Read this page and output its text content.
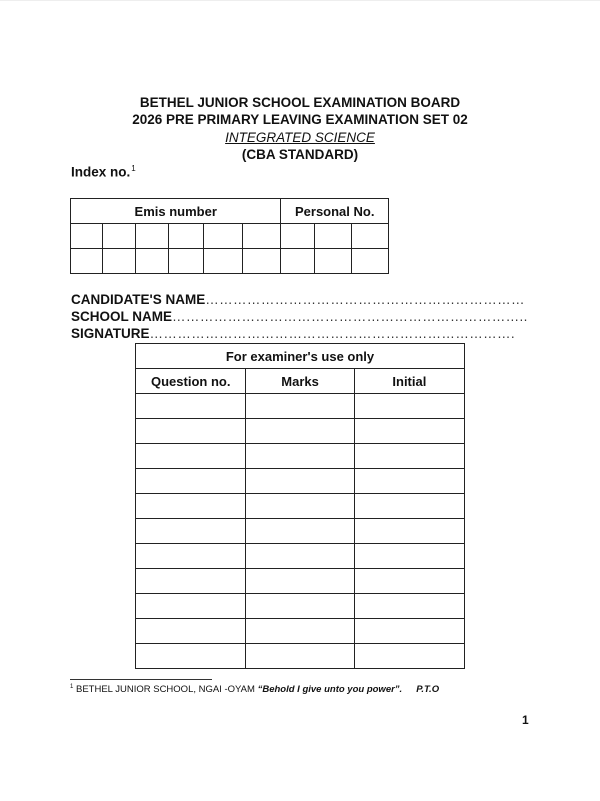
BETHEL JUNIOR SCHOOL EXAMINATION BOARD
2026 PRE PRIMARY LEAVING EXAMINATION SET 02
INTEGRATED SCIENCE
(CBA STANDARD)
Index no.$^1$
Emis number						Personal No.		

CANDIDATE'S NAME……………………………………………………………
SCHOOL NAME…………………………………………………………………..
SIGNATURE…………………………………………………………………….
For examiner's use only		
Question no.	Marks	Initial

$^1$ BETHEL JUNIOR SCHOOL, NGAI -OYAM “Behold I give unto you power”. P.T.O
1
